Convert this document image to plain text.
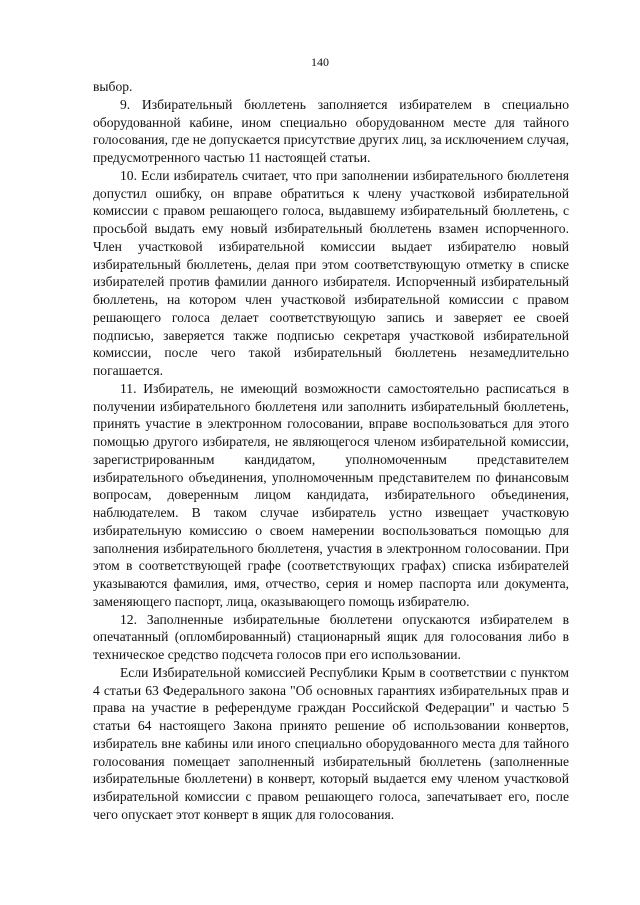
140

выбор.

9. Избирательный бюллетень заполняется избирателем в специально оборудованной кабине, ином специально оборудованном месте для тайного голосования, где не допускается присутствие других лиц, за исключением случая, предусмотренного частью 11 настоящей статьи.

10. Если избиратель считает, что при заполнении избирательного бюллетеня допустил ошибку, он вправе обратиться к члену участковой избирательной комиссии с правом решающего голоса, выдавшему избирательный бюллетень, с просьбой выдать ему новый избирательный бюллетень взамен испорченного. Член участковой избирательной комиссии выдает избирателю новый избирательный бюллетень, делая при этом соответствующую отметку в списке избирателей против фамилии данного избирателя. Испорченный избирательный бюллетень, на котором член участковой избирательной комиссии с правом решающего голоса делает соответствующую запись и заверяет ее своей подписью, заверяется также подписью секретаря участковой избирательной комиссии, после чего такой избирательный бюллетень незамедлительно погашается.

11. Избиратель, не имеющий возможности самостоятельно расписаться в получении избирательного бюллетеня или заполнить избирательный бюллетень, принять участие в электронном голосовании, вправе воспользоваться для этого помощью другого избирателя, не являющегося членом избирательной комиссии, зарегистрированным кандидатом, уполномоченным представителем избирательного объединения, уполномоченным представителем по финансовым вопросам, доверенным лицом кандидата, избирательного объединения, наблюдателем. В таком случае избиратель устно извещает участковую избирательную комиссию о своем намерении воспользоваться помощью для заполнения избирательного бюллетеня, участия в электронном голосовании. При этом в соответствующей графе (соответствующих графах) списка избирателей указываются фамилия, имя, отчество, серия и номер паспорта или документа, заменяющего паспорт, лица, оказывающего помощь избирателю.

12. Заполненные избирательные бюллетени опускаются избирателем в опечатанный (опломбированный) стационарный ящик для голосования либо в техническое средство подсчета голосов при его использовании.

Если Избирательной комиссией Республики Крым в соответствии с пунктом 4 статьи 63 Федерального закона "Об основных гарантиях избирательных прав и права на участие в референдуме граждан Российской Федерации" и частью 5 статьи 64 настоящего Закона принято решение об использовании конвертов, избиратель вне кабины или иного специально оборудованного места для тайного голосования помещает заполненный избирательный бюллетень (заполненные избирательные бюллетени) в конверт, который выдается ему членом участковой избирательной комиссии с правом решающего голоса, запечатывает его, после чего опускает этот конверт в ящик для голосования.
